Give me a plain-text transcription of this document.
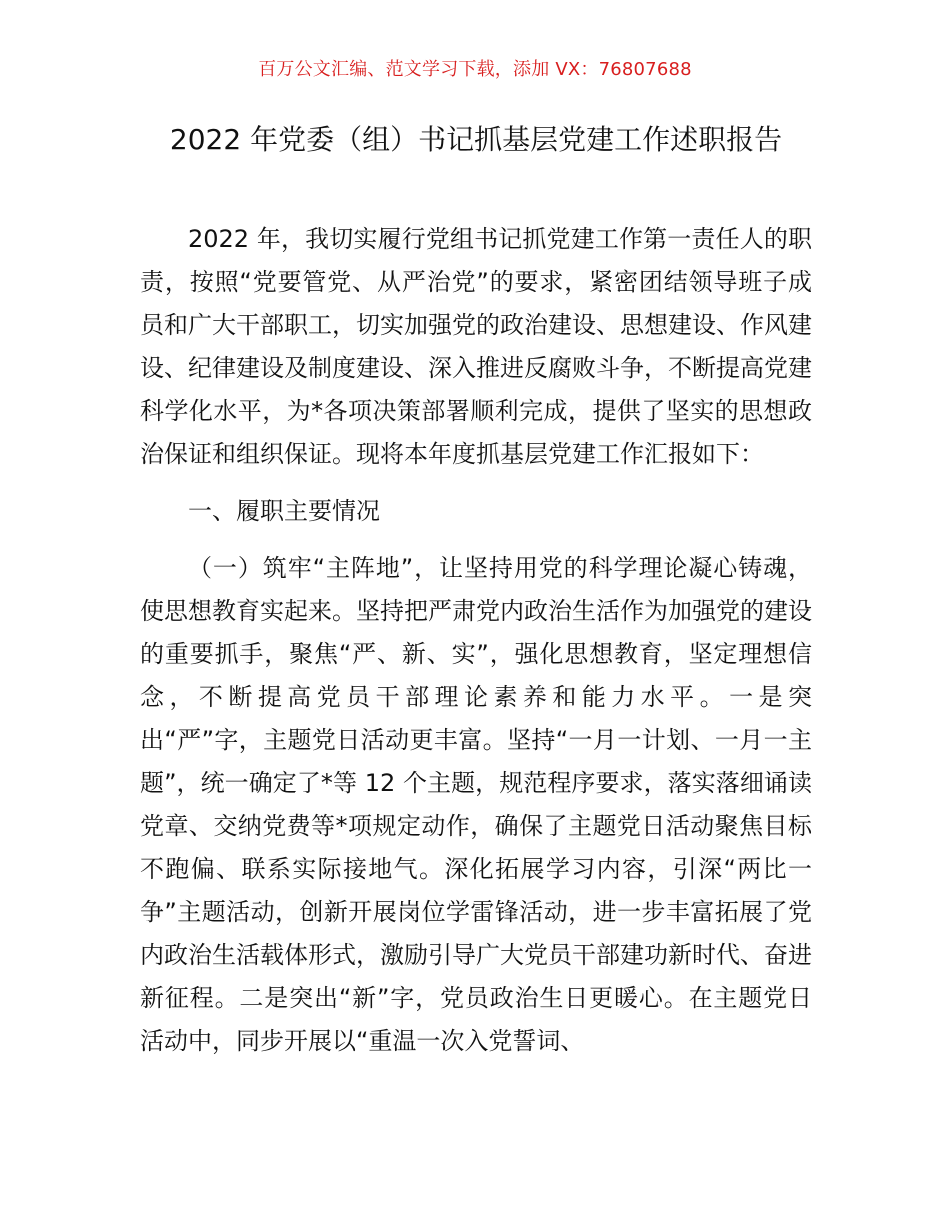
百万公文汇编、范文学习下载，添加 VX：76807688
2022 年党委（组）书记抓基层党建工作述职报告

2022 年，我切实履行党组书记抓党建工作第一责任人的职责，按照“党要管党、从严治党”的要求，紧密团结领导班子成员和广大干部职工，切实加强党的政治建设、思想建设、作风建设、纪律建设及制度建设、深入推进反腐败斗争，不断提高党建科学化水平，为*各项决策部署顺利完成，提供了坚实的思想政治保证和组织保证。现将本年度抓基层党建工作汇报如下：

一、履职主要情况

（一）筑牢“主阵地”，让坚持用党的科学理论凝心铸魂，使思想教育实起来。坚持把严肃党内政治生活作为加强党的建设的重要抓手，聚焦“严、新、实”，强化思想教育，坚定理想信念，不断提高党员干部理论素养和能力水平。一是突出“严”字，主题党日活动更丰富。坚持“一月一计划、一月一主题”，统一确定了*等 12 个主题，规范程序要求，落实落细诵读党章、交纳党费等*项规定动作，确保了主题党日活动聚焦目标不跑偏、联系实际接地气。深化拓展学习内容，引深“两比一争”主题活动，创新开展岗位学雷锋活动，进一步丰富拓展了党内政治生活载体形式，激励引导广大党员干部建功新时代、奋进新征程。二是突出“新”字，党员政治生日更暖心。在主题党日活动中，同步开展以“重温一次入党誓词、
